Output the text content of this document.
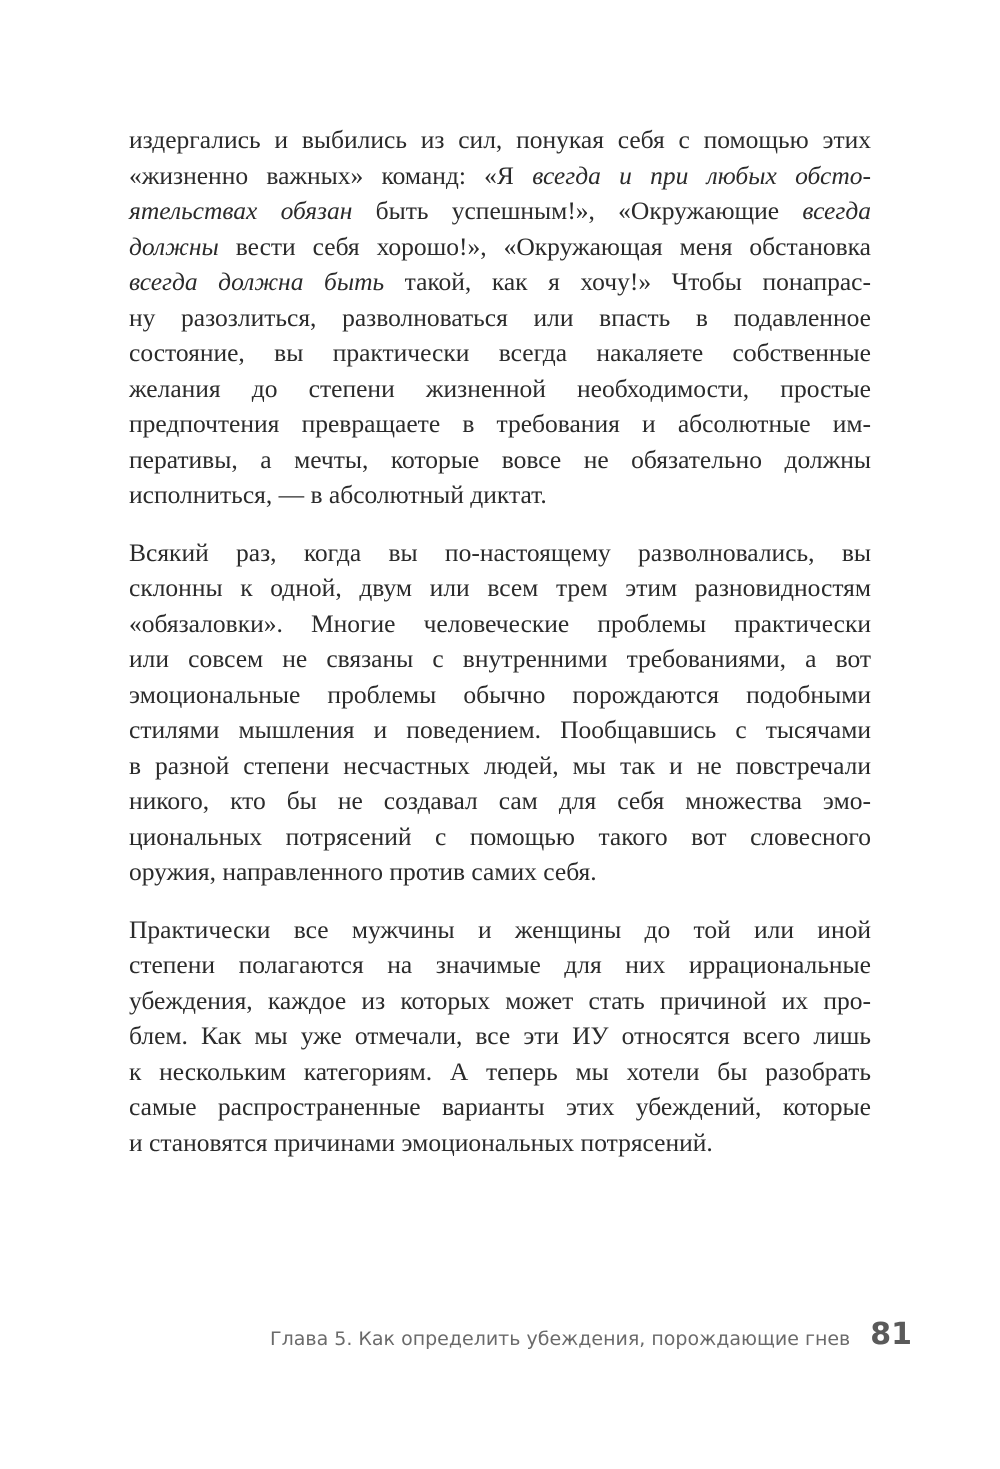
издергались и выбились из сил, понукая себя с помощью этих
«жизненно важных» команд: «Я всегда и при любых обсто-
ятельствах обязан быть успешным!», «Окружающие всегда
должны вести себя хорошо!», «Окружающая меня обстановка
всегда должна быть такой, как я хочу!» Чтобы понапрас-
ну разозлиться, разволноваться или впасть в подавленное
состояние, вы практически всегда накаляете собственные
желания до степени жизненной необходимости, простые
предпочтения превращаете в требования и абсолютные им-
перативы, а мечты, которые вовсе не обязательно должны
исполниться, — в абсолютный диктат.

Всякий раз, когда вы по-настоящему разволновались, вы
склонны к одной, двум или всем трем этим разновидностям
«обязаловки». Многие человеческие проблемы практически
или совсем не связаны с внутренними требованиями, а вот
эмоциональные проблемы обычно порождаются подобными
стилями мышления и поведением. Пообщавшись с тысячами
в разной степени несчастных людей, мы так и не повстречали
никого, кто бы не создавал сам для себя множества эмо-
циональных потрясений с помощью такого вот словесного
оружия, направленного против самих себя.

Практически все мужчины и женщины до той или иной
степени полагаются на значимые для них иррациональные
убеждения, каждое из которых может стать причиной их про-
блем. Как мы уже отмечали, все эти ИУ относятся всего лишь
к нескольким категориям. А теперь мы хотели бы разобрать
самые распространенные варианты этих убеждений, которые
и становятся причинами эмоциональных потрясений.

Глава 5. Как определить убеждения, порождающие гнев 81
